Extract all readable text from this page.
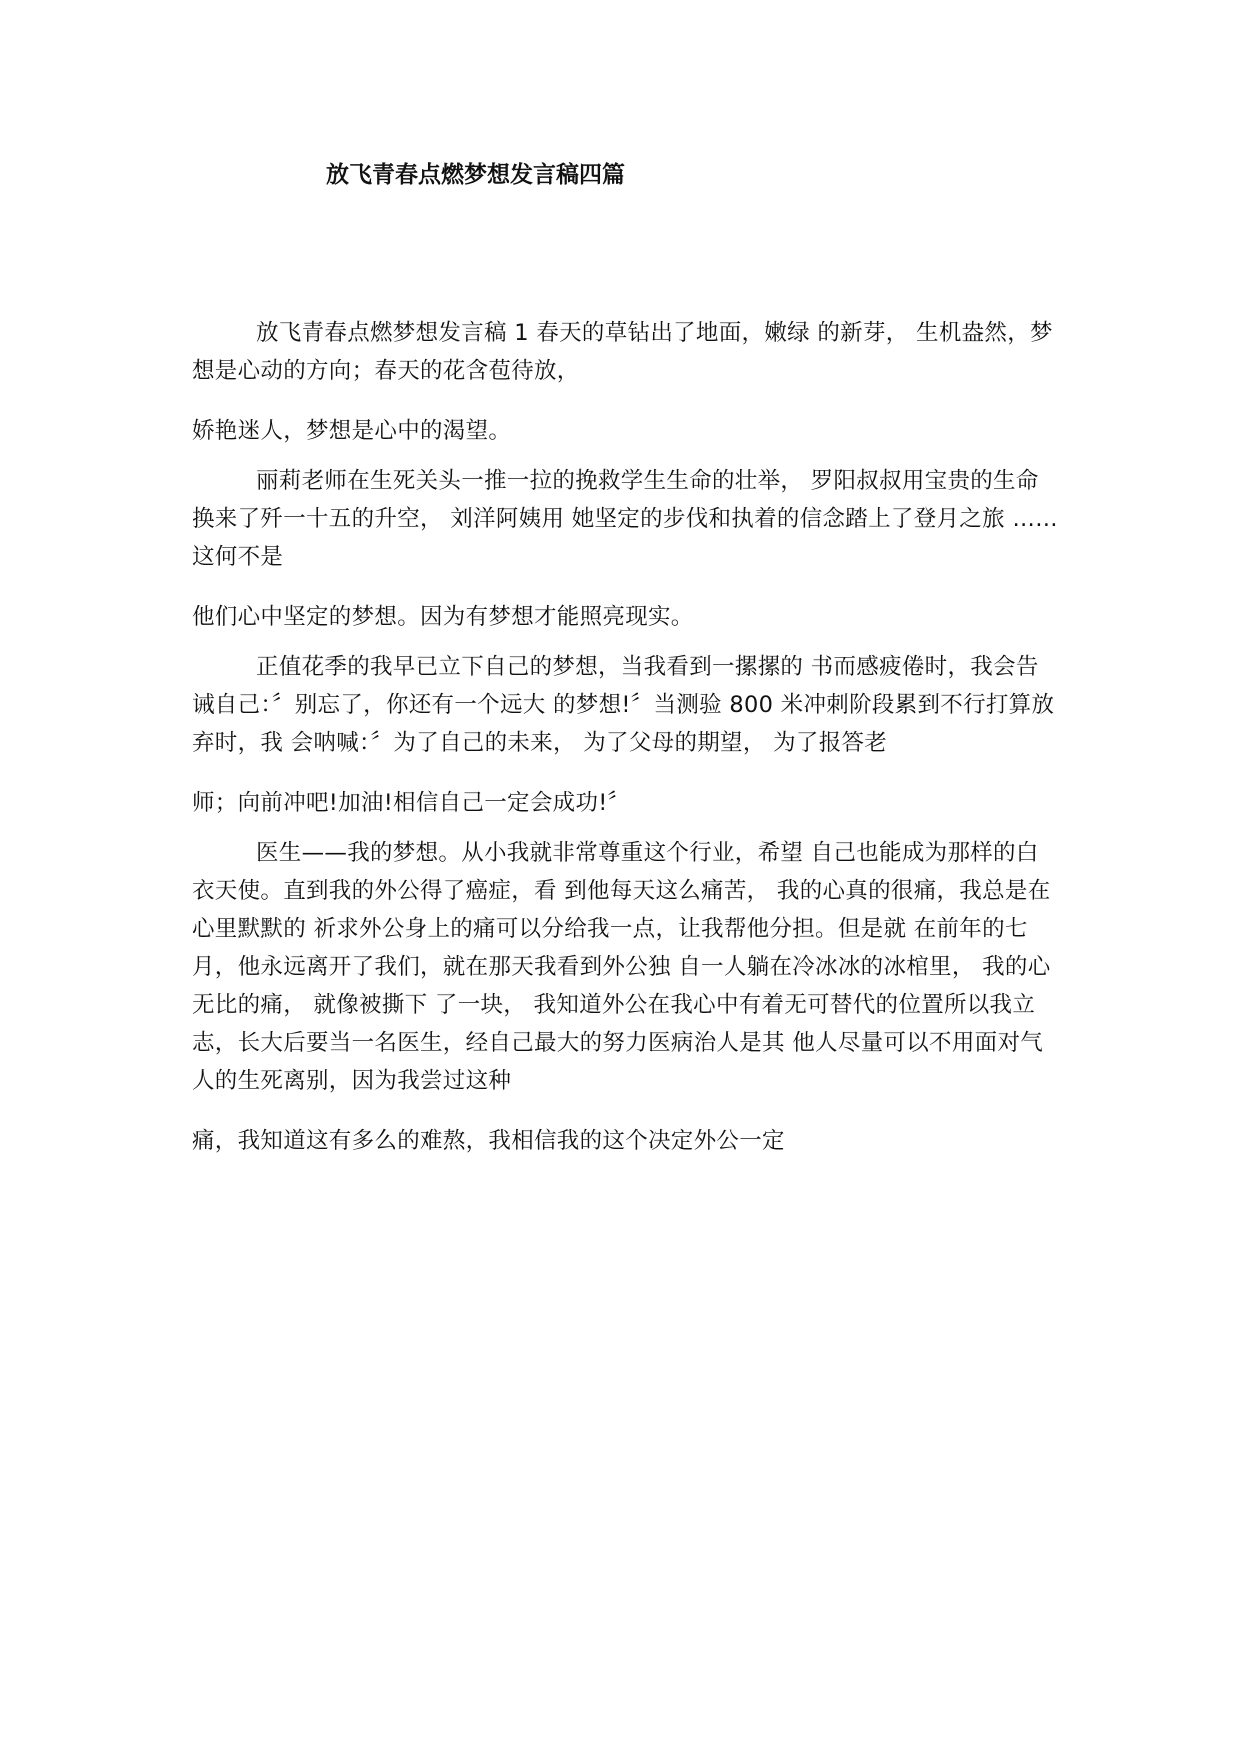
放飞青春点燃梦想发言稿四篇

放飞青春点燃梦想发言稿 1 春天的草钻出了地面，嫩绿 的新芽， 生机盎然，梦想是心动的方向；春天的花含苞待放，

娇艳迷人，梦想是心中的渴望。

丽莉老师在生死关头一推一拉的挽救学生生命的壮举， 罗阳叔叔用宝贵的生命换来了歼一十五的升空， 刘洋阿姨用 她坚定的步伐和执着的信念踏上了登月之旅 ……这何不是

他们心中坚定的梦想。因为有梦想才能照亮现实。

正值花季的我早已立下自己的梦想，当我看到一摞摞的 书而感疲倦时，我会告诫自己：〞别忘了，你还有一个远大 的梦想!〞当测验 800 米冲刺阶段累到不行打算放弃时，我 会呐喊：〞为了自己的未来， 为了父母的期望， 为了报答老

师；向前冲吧!加油!相信自己一定会成功!〞

医生——我的梦想。从小我就非常尊重这个行业，希望 自己也能成为那样的白衣天使。直到我的外公得了癌症，看 到他每天这么痛苦， 我的心真的很痛，我总是在心里默默的 祈求外公身上的痛可以分给我一点，让我帮他分担。但是就 在前年的七月，他永远离开了我们，就在那天我看到外公独 自一人躺在冷冰冰的冰棺里， 我的心无比的痛， 就像被撕下 了一块， 我知道外公在我心中有着无可替代的位置所以我立 志，长大后要当一名医生，经自己最大的努力医病治人是其 他人尽量可以不用面对气人的生死离别，因为我尝过这种

痛，我知道这有多么的难熬，我相信我的这个决定外公一定
